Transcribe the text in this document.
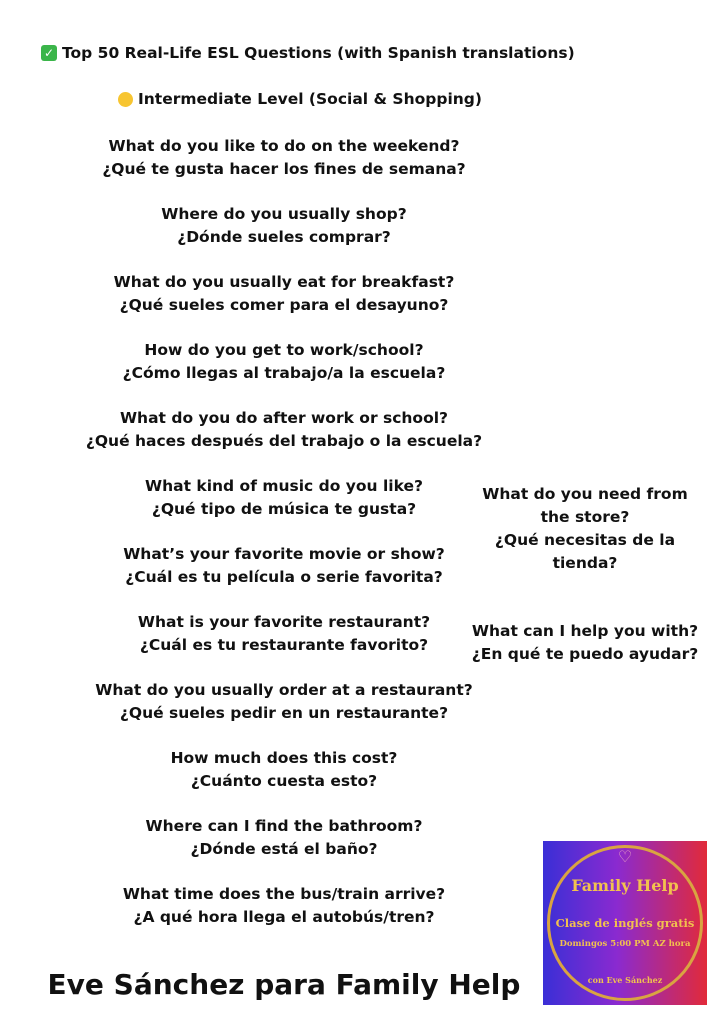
✓ Top 50 Real-Life ESL Questions (with Spanish translations)
Intermediate Level (Social & Shopping)
What do you like to do on the weekend?
¿Qué te gusta hacer los fines de semana?
Where do you usually shop?
¿Dónde sueles comprar?
What do you usually eat for breakfast?
¿Qué sueles comer para el desayuno?
How do you get to work/school?
¿Cómo llegas al trabajo/a la escuela?
What do you do after work or school?
¿Qué haces después del trabajo o la escuela?
What kind of music do you like?
¿Qué tipo de música te gusta?
What’s your favorite movie or show?
¿Cuál es tu película o serie favorita?
What is your favorite restaurant?
¿Cuál es tu restaurante favorito?
What do you usually order at a restaurant?
¿Qué sueles pedir en un restaurante?
How much does this cost?
¿Cuánto cuesta esto?
Where can I find the bathroom?
¿Dónde está el baño?
What time does the bus/train arrive?
¿A qué hora llega el autobús/tren?
What do you need from the store?
¿Qué necesitas de la tienda?
What can I help you with?
¿En qué te puedo ayudar?
Eve Sánchez para Family Help
♡
Family Help
Clase de inglés gratis
Domingos 5:00 PM AZ hora
con Eve Sánchez
